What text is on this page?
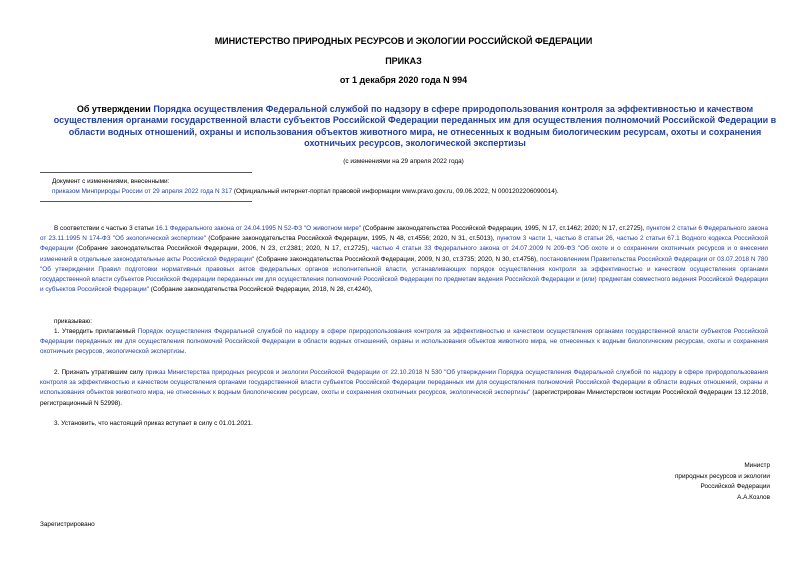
МИНИСТЕРСТВО ПРИРОДНЫХ РЕСУРСОВ И ЭКОЛОГИИ РОССИЙСКОЙ ФЕДЕРАЦИИ
ПРИКАЗ
от 1 декабря 2020 года N 994
Об утверждении Порядка осуществления Федеральной службой по надзору в сфере природопользования контроля за эффективностью и качеством осуществления органами государственной власти субъектов Российской Федерации переданных им для осуществления полномочий Российской Федерации в области водных отношений, охраны и использования объектов животного мира, не отнесенных к водным биологическим ресурсам, охоты и сохранения охотничьих ресурсов, экологической экспертизы
(с изменениями на 29 апреля 2022 года)
Документ с изменениями, внесенными:
приказом Минприроды России от 29 апреля 2022 года N 317 (Официальный интернет-портал правовой информации www.pravo.gov.ru, 09.06.2022, N 0001202206090014).
В соответствии с частью 3 статьи 16.1 Федерального закона от 24.04.1995 N 52-ФЗ "О животном мире" (Собрание законодательства Российской Федерации, 1995, N 17, ст.1462; 2020; N 17, ст.2725), пунктом 2 статьи 6 Федерального закона от 23.11.1995 N 174-ФЗ "Об экологической экспертизе" (Собрание законодательства Российской Федерации, 1995, N 48, ст.4556; 2020, N 31, ст.5013), пунктом 3 части 1, частью 8 статьи 26, частью 2 статьи 67.1 Водного кодекса Российской Федерации (Собрание законодательства Российской Федерации, 2006, N 23, ст.2381; 2020, N 17, ст.2725), частью 4 статьи 33 Федерального закона от 24.07.2009 N 209-ФЗ "Об охоте и о сохранении охотничьих ресурсов и о внесении изменений в отдельные законодательные акты Российской Федерации" (Собрание законодательства Российской Федерации, 2009, N 30, ст.3735; 2020, N 30, ст.4756), постановлением Правительства Российской Федерации от 03.07.2018 N 780 "Об утверждении Правил подготовки нормативных правовых актов федеральных органов исполнительной власти, устанавливающих порядок осуществления контроля за эффективностью и качеством осуществления органами государственной власти субъектов Российской Федерации переданных им для осуществления полномочий Российской Федерации по предметам ведения Российской Федерации и (или) предметам совместного ведения Российской Федерации и субъектов Российской Федерации" (Собрание законодательства Российской Федерации, 2018, N 28, ст.4240),
приказываю:
1. Утвердить прилагаемый Порядок осуществления Федеральной службой по надзору в сфере природопользования контроля за эффективностью и качеством осуществления органами государственной власти субъектов Российской Федерации переданных им для осуществления полномочий Российской Федерации в области водных отношений, охраны и использования объектов животного мира, не отнесенных к водным биологическим ресурсам, охоты и сохранения охотничьих ресурсов, экологической экспертизы.
2. Признать утратившим силу приказ Министерства природных ресурсов и экологии Российской Федерации от 22.10.2018 N 530 "Об утверждении Порядка осуществления Федеральной службой по надзору в сфере природопользования контроля за эффективностью и качеством осуществления органами государственной власти субъектов Российской Федерации переданных им для осуществления полномочий Российской Федерации в области водных отношений, охраны и использования объектов животного мира, не отнесенных к водным биологическим ресурсам, охоты и сохранения охотничьих ресурсов, экологической экспертизы" (зарегистрирован Министерством юстиции Российской Федерации 13.12.2018, регистрационный N 52998).
3. Установить, что настоящий приказ вступает в силу с 01.01.2021.
Министр
природных ресурсов и экологии
Российской Федерации
А.А.Козлов
Зарегистрировано
